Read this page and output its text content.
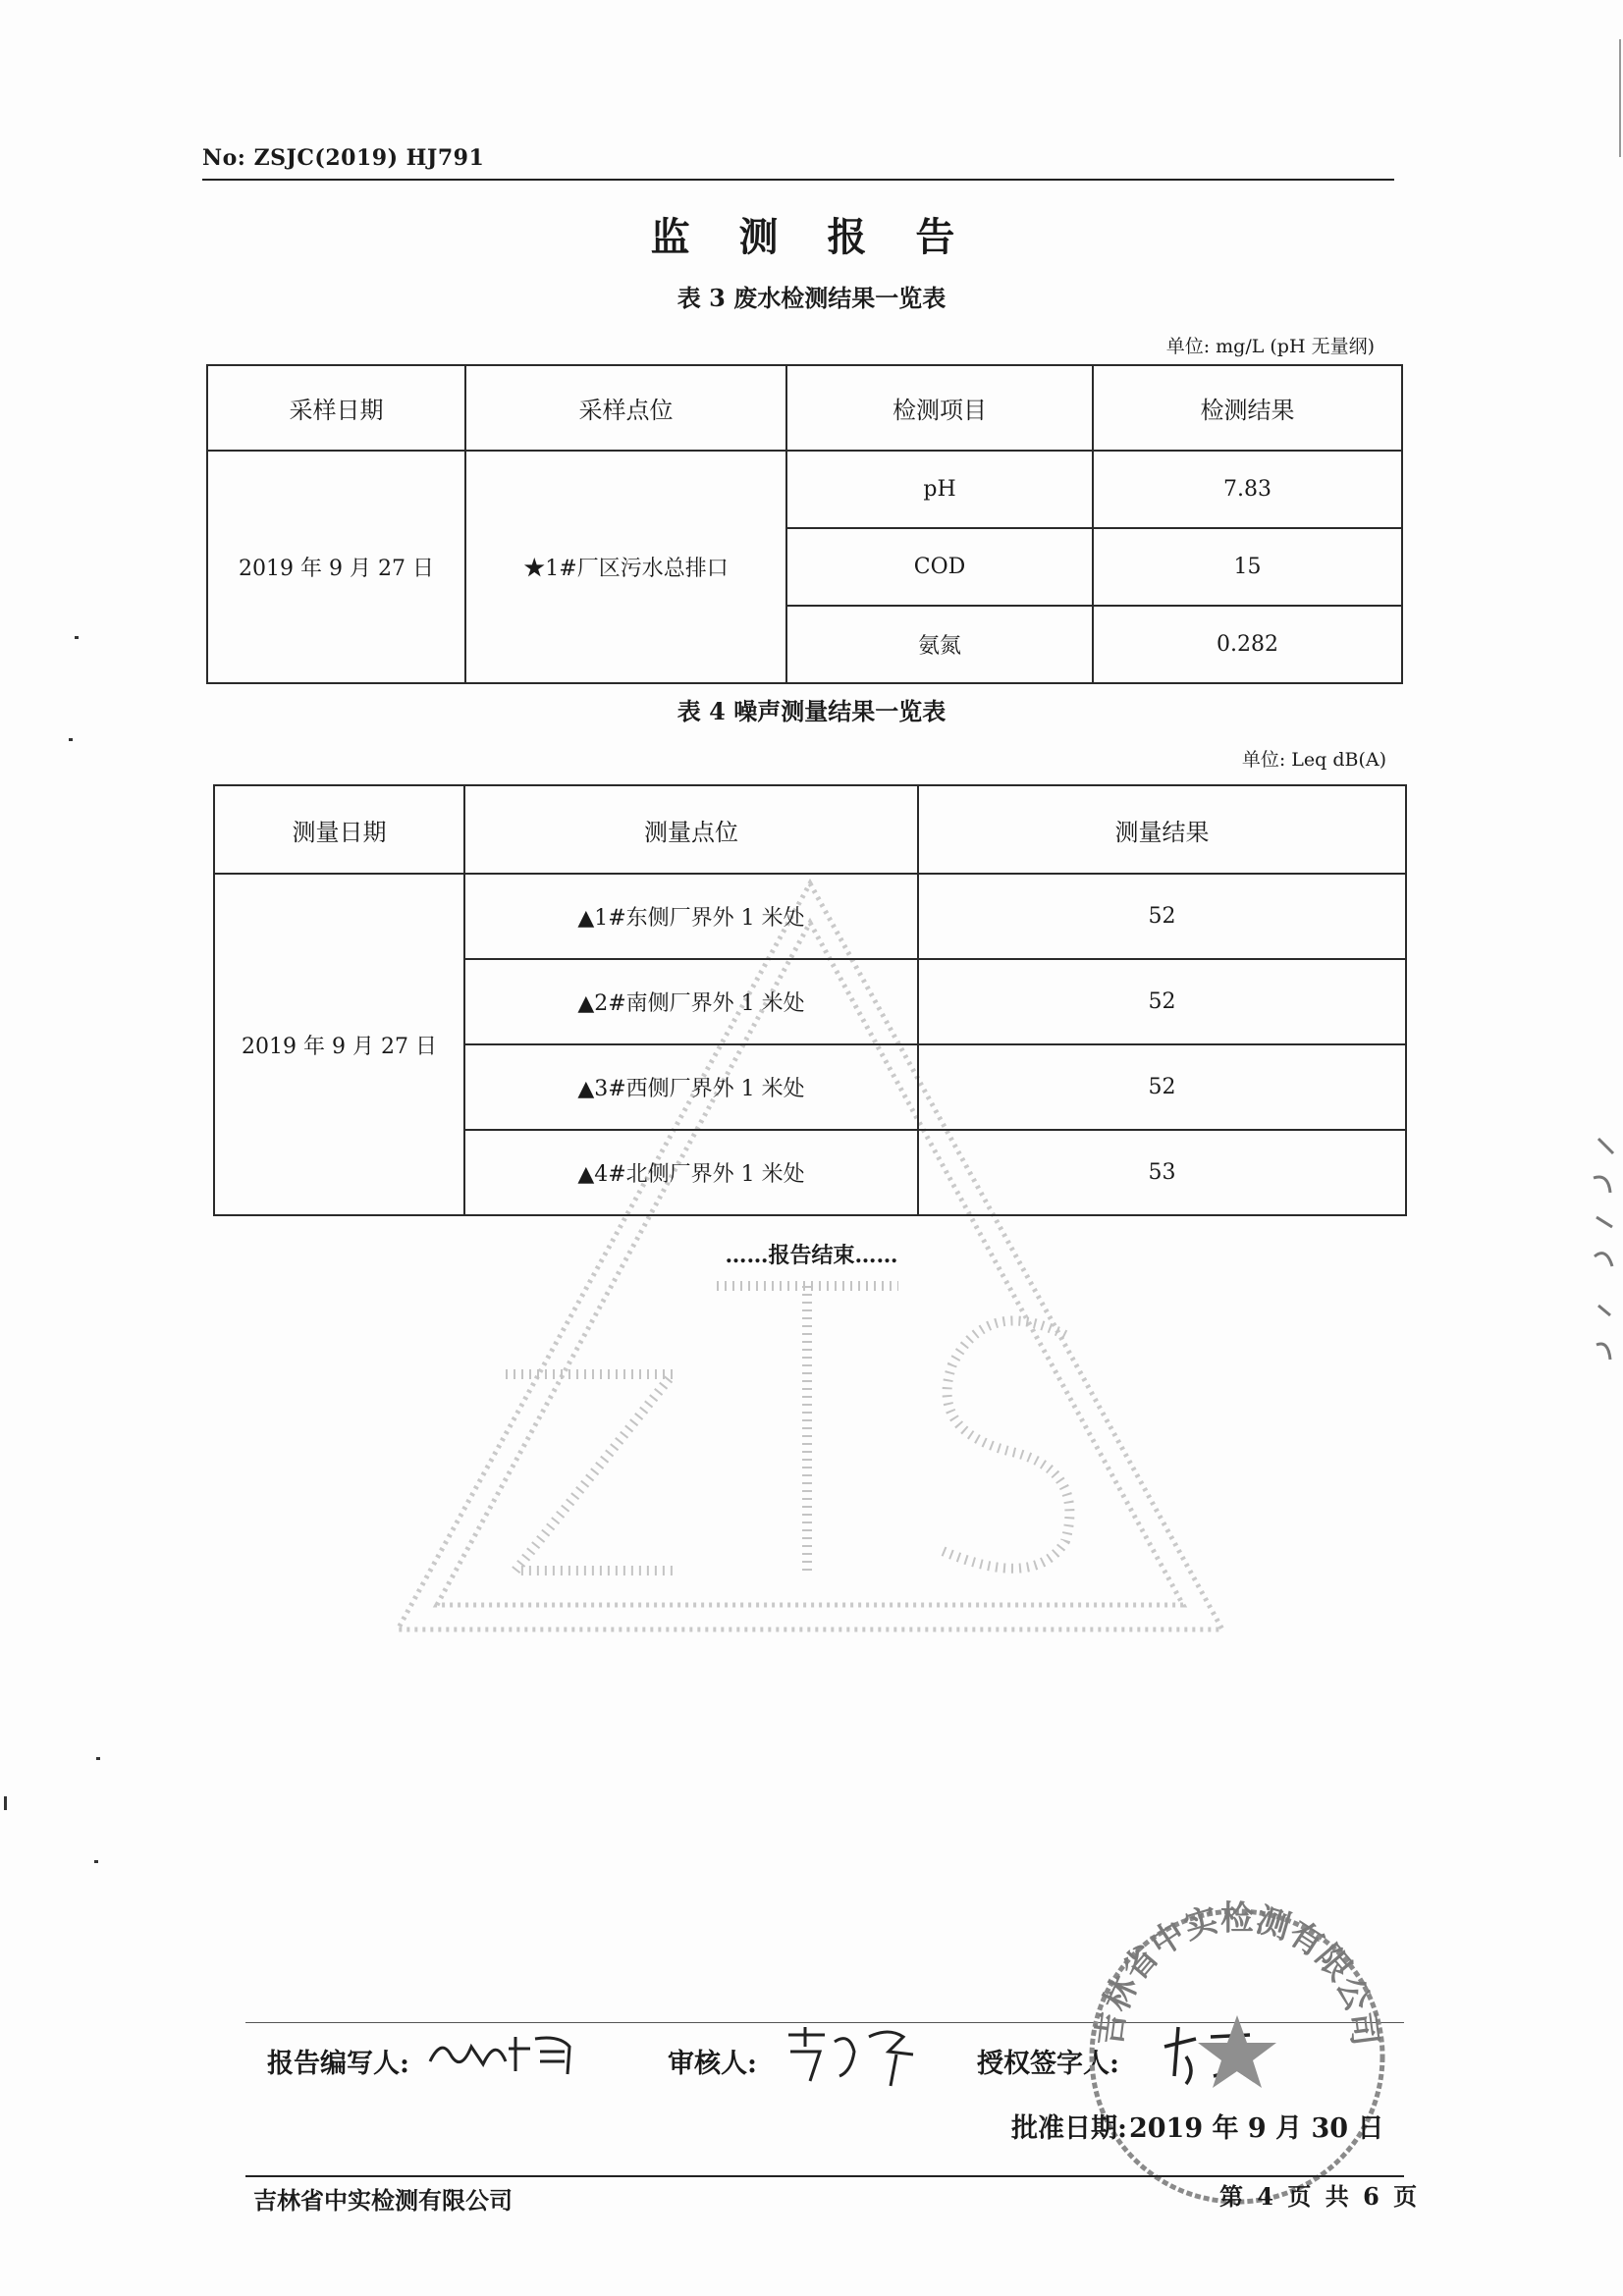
No: ZSJC(2019) HJ791
监 测 报 告
表 3 废水检测结果一览表
单位: mg/L (pH 无量纲)
采样日期	采样点位	检测项目	检测结果
2019 年 9 月 27 日	★1#厂区污水总排口	pH	7.83
		COD	15
		氨氮	0.282
表 4 噪声测量结果一览表
单位: Leq dB(A)
测量日期	测量点位	测量结果
2019 年 9 月 27 日	▲1#东侧厂界外 1 米处	52
	▲2#南侧厂界外 1 米处	52
	▲3#西侧厂界外 1 米处	52
	▲4#北侧厂界外 1 米处	53
……报告结束……
报告编写人:	审核人:	授权签字人:
吉林省中实检测有限公司
批准日期:2019 年 9 月 30 日
吉林省中实检测有限公司	第 4 页 共 6 页
